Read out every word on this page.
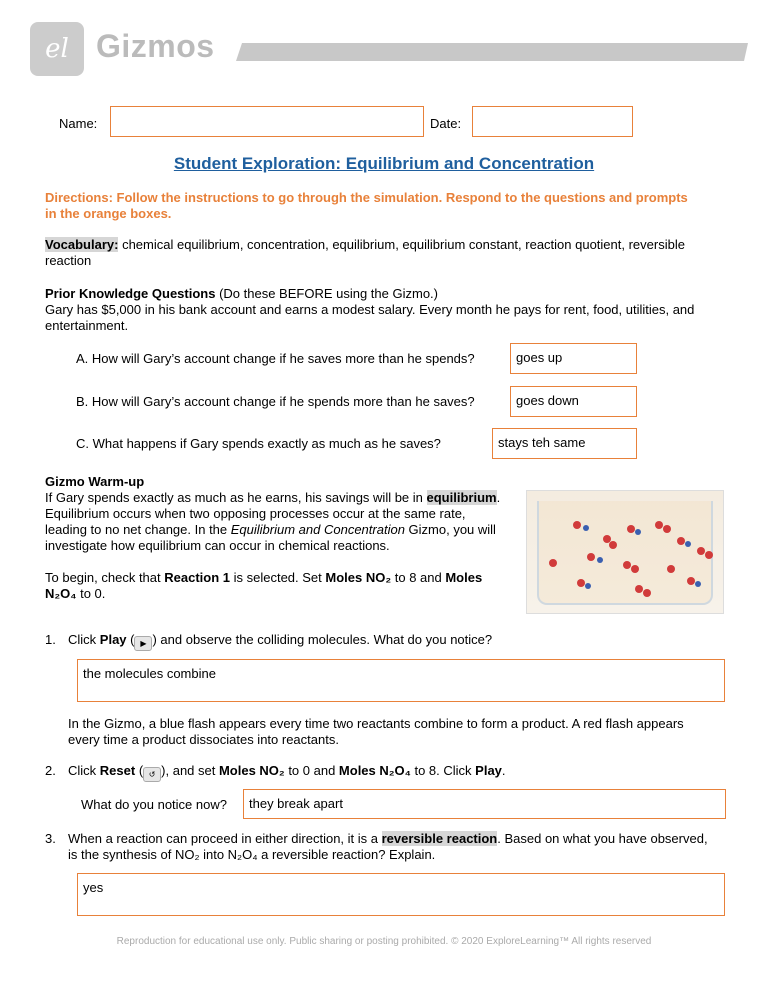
el Gizmos
Name:	Date:
Student Exploration: Equilibrium and Concentration
Directions: Follow the instructions to go through the simulation. Respond to the questions and prompts in the orange boxes.
Vocabulary: chemical equilibrium, concentration, equilibrium, equilibrium constant, reaction quotient, reversible reaction
Prior Knowledge Questions (Do these BEFORE using the Gizmo.)
Gary has $5,000 in his bank account and earns a modest salary. Every month he pays for rent, food, utilities, and entertainment.
A. How will Gary’s account change if he saves more than he spends?	goes up
B. How will Gary’s account change if he spends more than he saves?	goes down
C. What happens if Gary spends exactly as much as he saves?	stays teh same
Gizmo Warm-up
If Gary spends exactly as much as he earns, his savings will be in equilibrium. Equilibrium occurs when two opposing processes occur at the same rate, leading to no net change. In the Equilibrium and Concentration Gizmo, you will investigate how equilibrium can occur in chemical reactions.
To begin, check that Reaction 1 is selected. Set Moles NO₂ to 8 and Moles N₂O₄ to 0.
1. Click Play ( ▶ ) and observe the colliding molecules. What do you notice?
the molecules combine
In the Gizmo, a blue flash appears every time two reactants combine to form a product. A red flash appears every time a product dissociates into reactants.
2. Click Reset ( ↺ ), and set Moles NO₂ to 0 and Moles N₂O₄ to 8. Click Play.
What do you notice now?	they break apart
3. When a reaction can proceed in either direction, it is a reversible reaction. Based on what you have observed, is the synthesis of NO₂ into N₂O₄ a reversible reaction? Explain.
yes
Reproduction for educational use only. Public sharing or posting prohibited. © 2020 ExploreLearning™ All rights reserved
